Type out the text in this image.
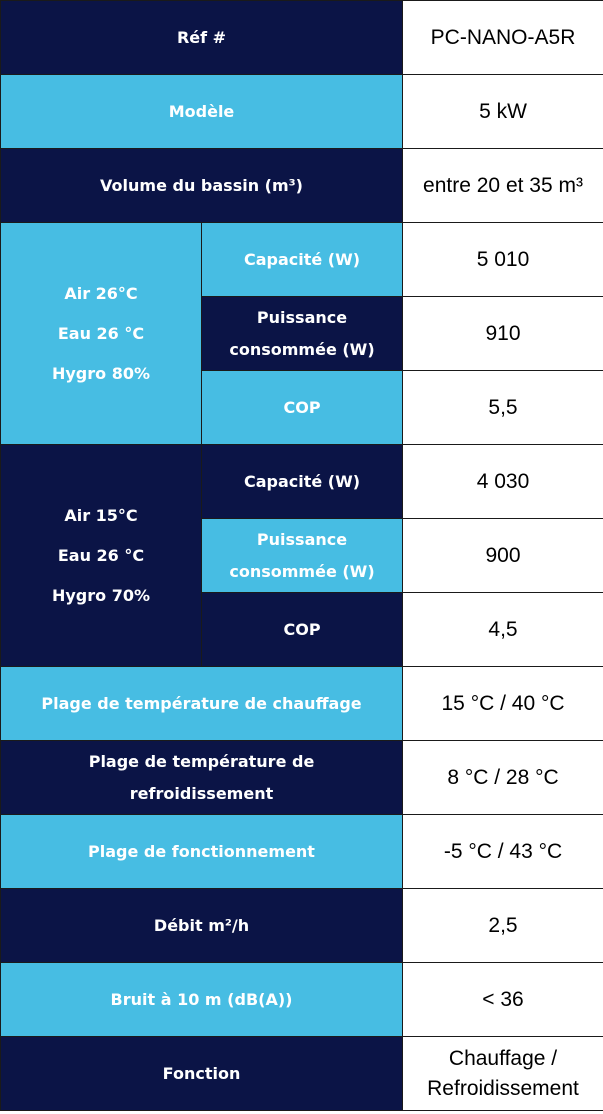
Réf #		PC-NANO-A5R
Modèle		5 kW
Volume du bassin (m³)		entre 20 et 35 m³

Air 26°C
Eau 26 °C
Hygro 80%	Capacité (W)	5 010

	Puissance
consommée (W)	910
	COP	5,5

Air 15°C
Eau 26 °C
Hygro 70%	Capacité (W)	4 030

	Puissance
consommée (W)	900
	COP	4,5
Plage de température de chauffage		15 °C / 40 °C

Plage de température de
refroidissement		8 °C / 28 °C
Plage de fonctionnement		-5 °C / 43 °C
Débit m²/h		2,5
Bruit à 10 m (dB(A))		< 36
Fonction		Chauffage /
Refroidissement
